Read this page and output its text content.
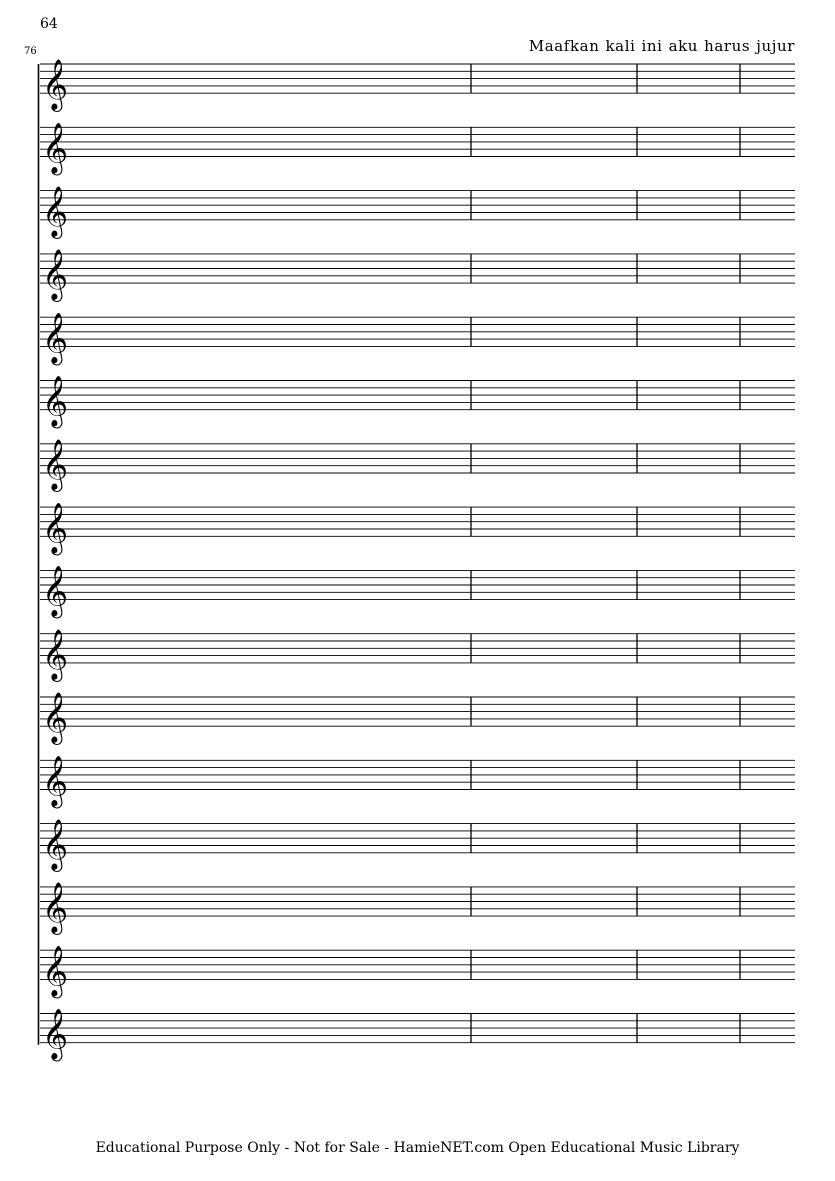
64
Maafkan kali ini aku harus jujur
76
𝄞
𝄞
𝄞
𝄞
𝄞
𝄞
𝄞
𝄞
𝄞
𝄞
𝄞
𝄞
𝄞
𝄞
𝄞
𝄞
Educational Purpose Only - Not for Sale - HamieNET.com Open Educational Music Library
